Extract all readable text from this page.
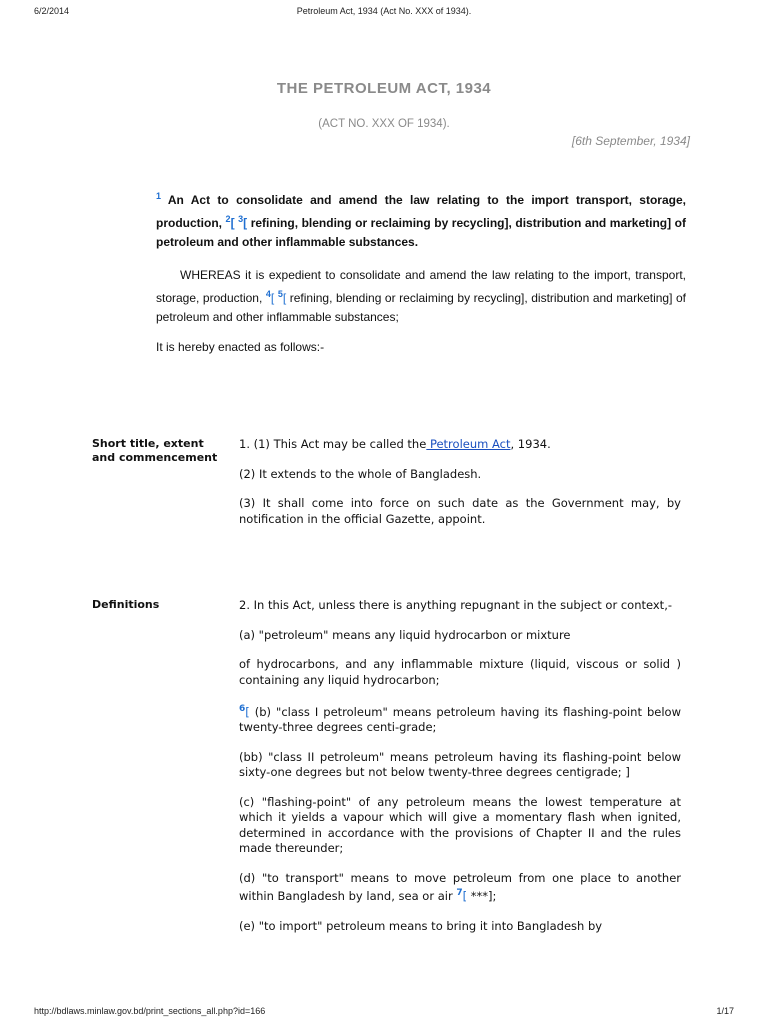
6/2/2014	Petroleum Act, 1934 (Act No. XXX of 1934).
THE PETROLEUM ACT, 1934
(ACT NO. XXX OF 1934).
[6th September, 1934]
$^1$ An Act to consolidate and amend the law relating to the import transport, storage, production, $^2$[ $^3$[ refining, blending or reclaiming by recycling], distribution and marketing] of petroleum and other inflammable substances.
WHEREAS it is expedient to consolidate and amend the law relating to the import, transport, storage, production, $^4$[ $^5$[ refining, blending or reclaiming by recycling], distribution and marketing] of petroleum and other inflammable substances;
It is hereby enacted as follows:-
Short title, extent and commencement

1. (1) This Act may be called the Petroleum Act, 1934.

(2) It extends to the whole of Bangladesh.

(3) It shall come into force on such date as the Government may, by notification in the official Gazette, appoint.

Definitions	2. In this Act, unless there is anything repugnant in the subject or context,-

(a) "petroleum" means any liquid hydrocarbon or mixture

of hydrocarbons, and any inflammable mixture (liquid, viscous or solid ) containing any liquid hydrocarbon;

$^6$[ (b) "class I petroleum" means petroleum having its flashing-point below twenty-three degrees centi-grade;

(bb) "class II petroleum" means petroleum having its flashing-point below sixty-one degrees but not below twenty-three degrees centigrade; ]

(c) "flashing-point" of any petroleum means the lowest temperature at which it yields a vapour which will give a momentary flash when ignited, determined in accordance with the provisions of Chapter II and the rules made thereunder;

(d) "to transport" means to move petroleum from one place to another within Bangladesh by land, sea or air $^7$[ ***];

(e) "to import" petroleum means to bring it into Bangladesh by

http://bdlaws.minlaw.gov.bd/print_sections_all.php?id=166	1/17
